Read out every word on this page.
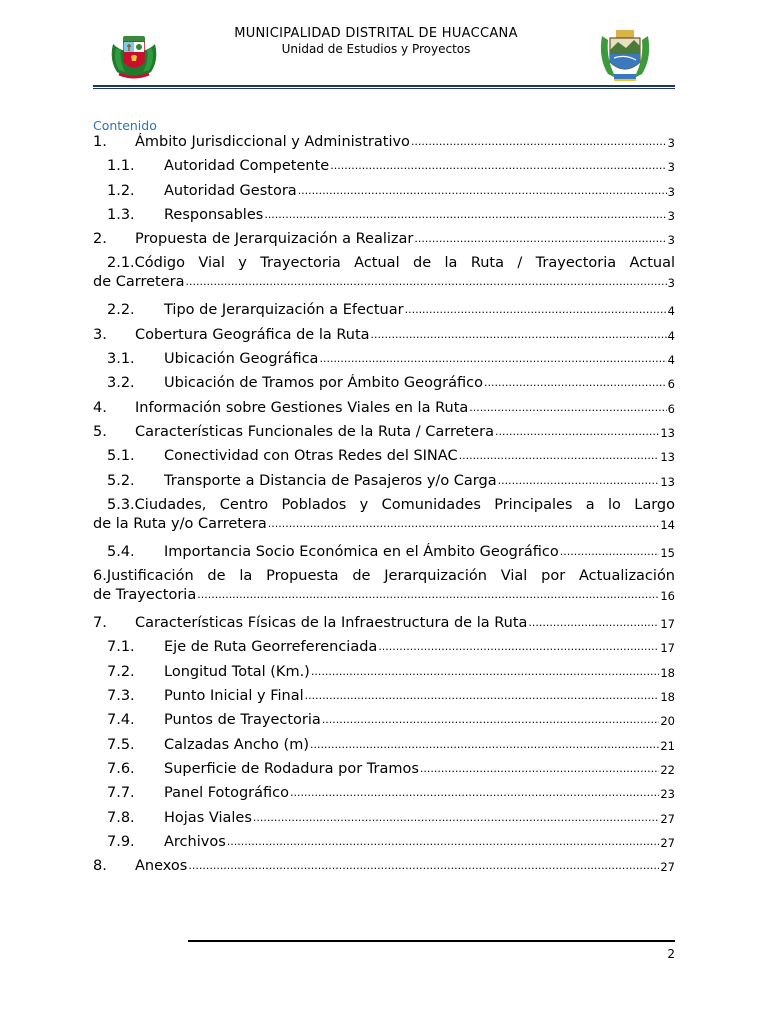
MUNICIPALIDAD DISTRITAL DE HUACCANA
Unidad de Estudios y Proyectos
Contenido
1.	Ámbito Jurisdiccional y Administrativo .....	3
1.1.	Autoridad Competente .....	3
1.2.	Autoridad Gestora .....	3
1.3.	Responsables .....	3
2.	Propuesta de Jerarquización a Realizar .....	3
2.1.Código Vial y Trayectoria Actual de la Ruta / Trayectoria Actual
de Carretera .....	3
2.2.	Tipo de Jerarquización a Efectuar .....	4
3.	Cobertura Geográfica de la Ruta .....	4
3.1.	Ubicación Geográfica .....	4
3.2.	Ubicación de Tramos por Ámbito Geográfico .....	6
4.	Información sobre Gestiones Viales en la Ruta .....	6
5.	Características Funcionales de la Ruta / Carretera .....	13
5.1.	Conectividad con Otras Redes del SINAC .....	13
5.2.	Transporte a Distancia de Pasajeros y/o Carga .....	13
5.3.Ciudades, Centro Poblados y Comunidades Principales a lo Largo
de la Ruta y/o Carretera .....	14
5.4.	Importancia Socio Económica en el Ámbito Geográfico .....	15
6.Justificación de la Propuesta de Jerarquización Vial por Actualización
de Trayectoria .....	16
7.	Características Físicas de la Infraestructura de la Ruta .....	17
7.1.	Eje de Ruta Georreferenciada .....	17
7.2.	Longitud Total (Km.) .....	18
7.3.	Punto Inicial y Final .....	18
7.4.	Puntos de Trayectoria .....	20
7.5.	Calzadas Ancho (m) .....	21
7.6.	Superficie de Rodadura por Tramos .....	22
7.7.	Panel Fotográfico .....	23
7.8.	Hojas Viales .....	27
7.9.	Archivos .....	27
8.	Anexos .....	27
2
